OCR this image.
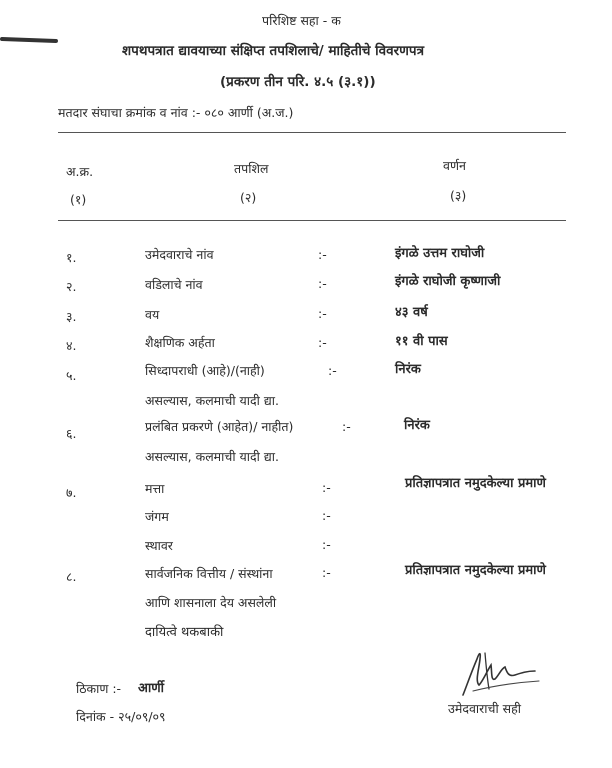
परिशिष्ट सहा - क
शपथपत्रात द्यावयाच्या संक्षिप्त तपशिलाचे/ माहितीचे विवरणपत्र
(प्रकरण तीन परि. ४.५ (३.१))
मतदार संघाचा क्रमांक व नांव :- ०८० आर्णी (अ.ज.)
अ.क्र.	तपशिल	वर्णन
(१)	(२)	(३)
१.	उमेदवाराचे नांव	:-	इंगळे उत्तम राघोजी
२.	वडिलाचे नांव	:-	इंगळे राघोजी कृष्णाजी
३.	वय	:-	४३ वर्ष
४.	शैक्षणिक अर्हता	:-	११ वी पास
५.	सिध्दापराधी (आहे)/(नाही)	:-	निरंक
असल्यास, कलमाची यादी द्या.
६.	प्रलंबित प्रकरणे (आहेत)/ नाहीत)	:-	निरंक
असल्यास, कलमाची यादी द्या.
७.	मत्ता	:-	प्रतिज्ञापत्रात नमुदकेल्या प्रमाणे
जंगम	:-
स्थावर	:-
८.	सार्वजनिक वित्तीय / संस्थांना	:-	प्रतिज्ञापत्रात नमुदकेल्या प्रमाणे
आणि शासनाला देय असलेली
दायित्वे थकबाकी
ठिकाण :- आर्णी
दिनांक - २५/०९/०९
उमेदवाराची सही
